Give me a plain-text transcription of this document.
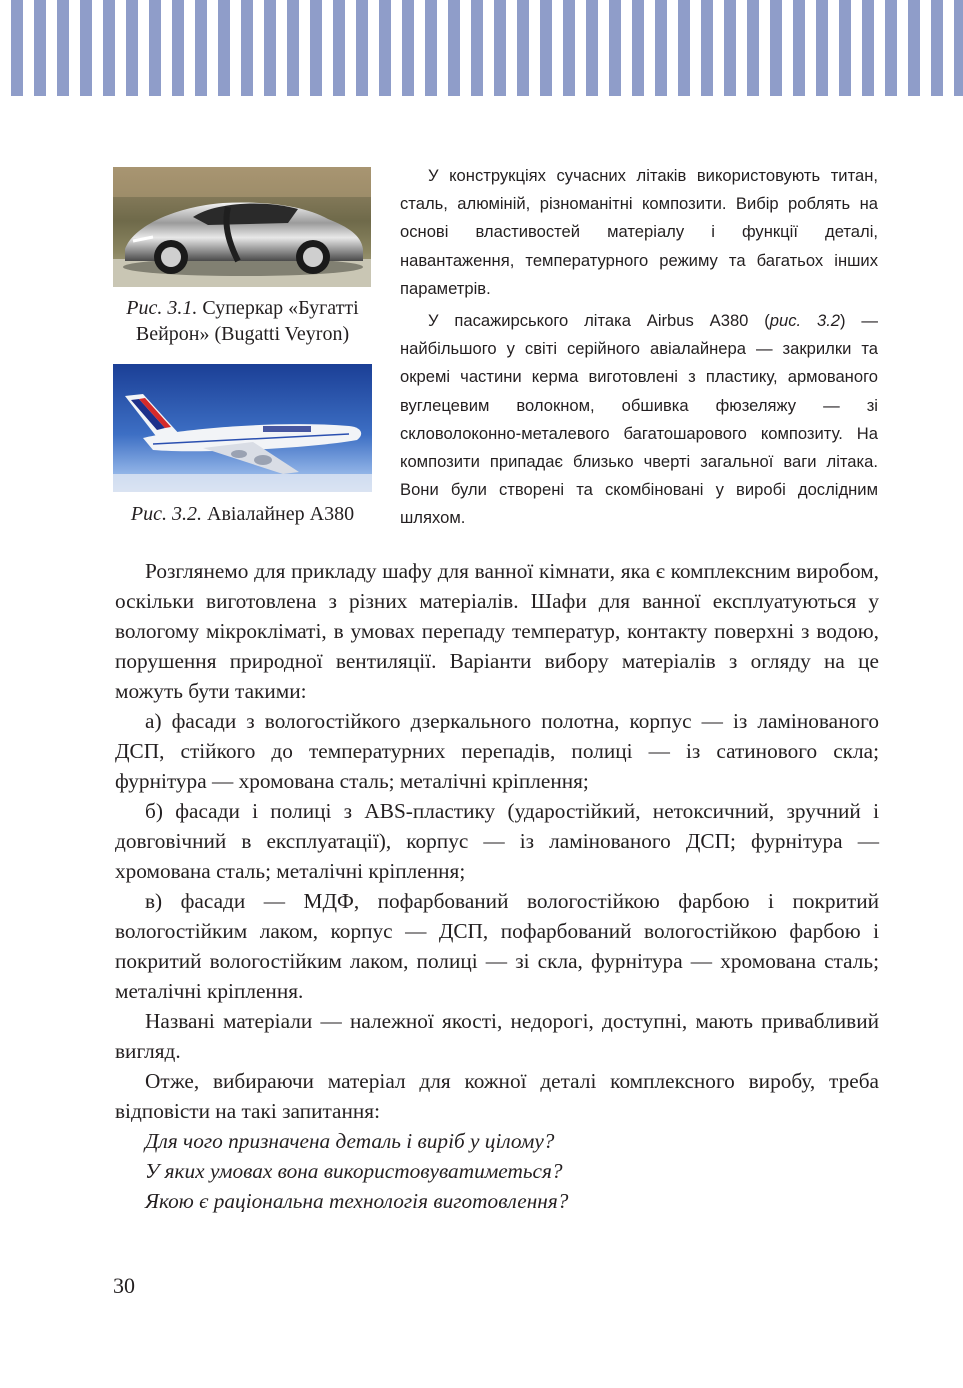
Рис. 3.1. Суперкар «Бугатті
Вейрон» (Bugatti Veyron)
Рис. 3.2. Авіалайнер А380

У конструкціях сучасних літаків використовують титан, сталь, алюміній, різноманітні композити. Вибір роблять на основі властивостей матеріалу і функції деталі, навантаження, температурного режиму та багатьох інших параметрів.

У пасажирського літака Airbus А380 (рис. 3.2) — найбільшого у світі серійного авіалайнера — закрилки та окремі частини керма виготовлені з пластику, армованого вуглецевим волокном, обшивка фюзеляжу — зі скловолоконно-металевого багатошарового композиту. На композити припадає близько чверті загальної ваги літака. Вони були створені та скомбіновані у виробі дослідним шляхом.

Розглянемо для прикладу шафу для ванної кімнати, яка є комплексним виробом, оскільки виготовлена з різних матеріалів. Шафи для ванної експлуатуються у вологому мікрокліматі, в умовах перепаду температур, контакту поверхні з водою, порушення природної вентиляції. Варіанти вибору матеріалів з огляду на це можуть бути такими:

а) фасади з вологостійкого дзеркального полотна, корпус — із ламінованого ДСП, стійкого до температурних перепадів, полиці — із сатинового скла; фурнітура — хромована сталь; металічні кріплення;

б) фасади і полиці з ABS-пластику (ударостійкий, нетоксичний, зручний і довговічний в експлуатації), корпус — із ламінованого ДСП; фурнітура — хромована сталь; металічні кріплення;

в) фасади — МДФ, пофарбований вологостійкою фарбою і покритий вологостійким лаком, корпус — ДСП, пофарбований вологостійкою фарбою і покритий вологостійким лаком, полиці — зі скла, фурнітура — хромована сталь; металічні кріплення.

Названі матеріали — належної якості, недорогі, доступні, мають привабливий вигляд.

Отже, вибираючи матеріал для кожної деталі комплексного виробу, треба відповісти на такі запитання:

Для чого призначена деталь і виріб у цілому?

У яких умовах вона використовуватиметься?

Якою є раціональна технологія виготовлення?

30
